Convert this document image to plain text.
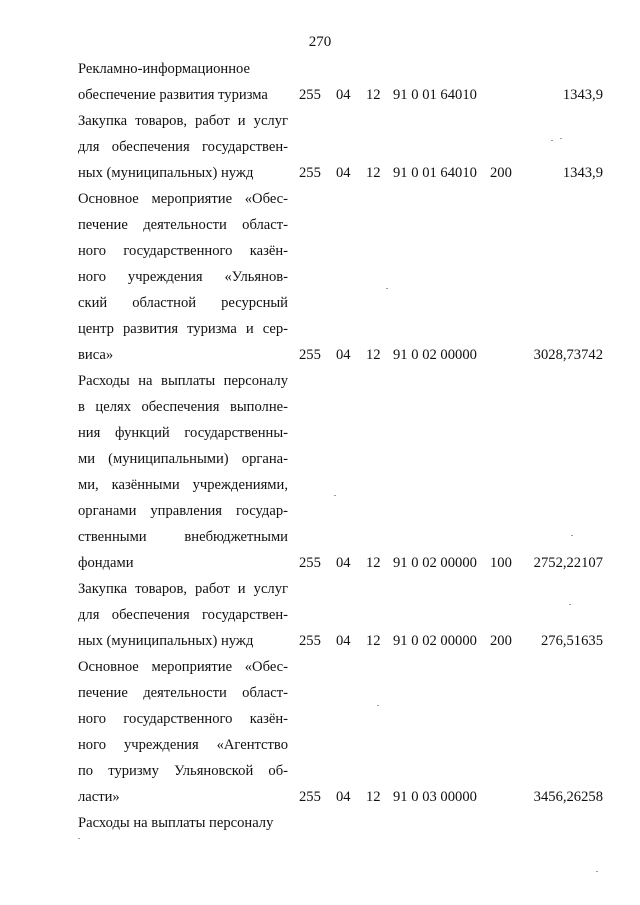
270
Рекламно-информационное
обеспечение развития туризма	255 04 12 91 0 01 64010	1343,9
Закупка товаров, работ и услуг
для обеспечения государствен-
ных (муниципальных) нужд	255 04 12 91 0 01 64010 200	1343,9
Основное мероприятие «Обес-
печение деятельности област-
ного государственного казён-
ного учреждения «Ульянов-
ский областной ресурсный
центр развития туризма и сер-
виса»	255 04 12 91 0 02 00000	3028,73742
Расходы на выплаты персоналу
в целях обеспечения выполне-
ния функций государственны-
ми (муниципальными) органа-
ми, казёнными учреждениями,
органами управления государ-
ственными внебюджетными
фондами	255 04 12 91 0 02 00000 100 2752,22107
Закупка товаров, работ и услуг
для обеспечения государствен-
ных (муниципальных) нужд	255 04 12 91 0 02 00000 200 276,51635
Основное мероприятие «Обес-
печение деятельности област-
ного государственного казён-
ного учреждения «Агентство
по туризму Ульяновской об-
ласти»	255 04 12 91 0 03 00000	3456,26258
Расходы на выплаты персоналу
